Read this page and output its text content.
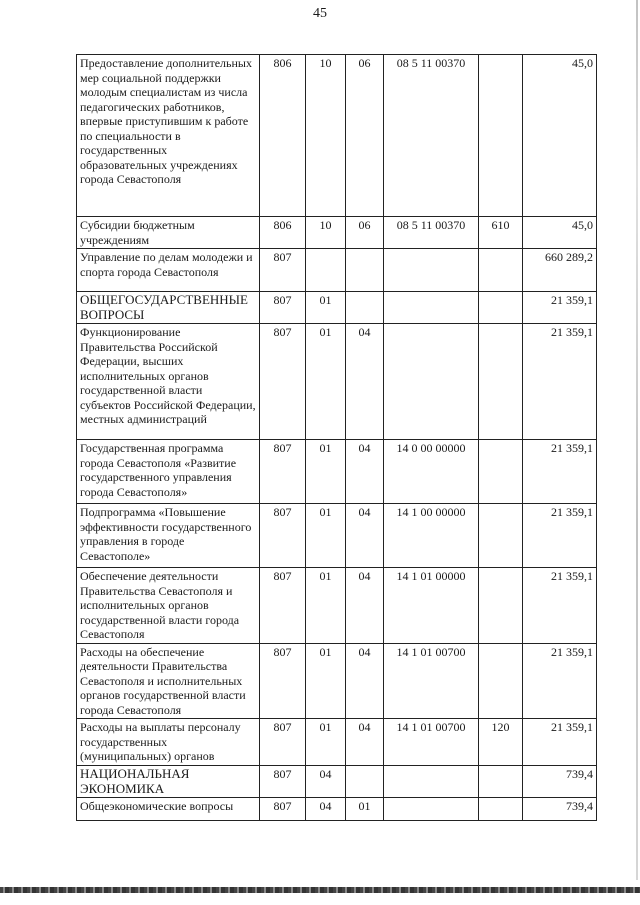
45
Предоставление дополнительных мер социальной поддержки молодым специалистам из числа педагогических работников, впервые приступившим к работе по специальности в государственных образовательных учреждениях города Севастополя	806	10	06	08 5 11 00370		45,0
Субсидии бюджетным учреждениям	806	10	06	08 5 11 00370	610	45,0
Управление по делам молодежи и спорта города Севастополя	807					660 289,2
ОБЩЕГОСУДАРСТВЕННЫЕ ВОПРОСЫ	807	01				21 359,1
Функционирование Правительства Российской Федерации, высших исполнительных органов государственной власти субъектов Российской Федерации, местных администраций	807	01	04			21 359,1
Государственная программа города Севастополя «Развитие государственного управления города Севастополя»	807	01	04	14 0 00 00000		21 359,1
Подпрограмма «Повышение эффективности государственного управления в городе Севастополе»	807	01	04	14 1 00 00000		21 359,1
Обеспечение деятельности Правительства Севастополя и исполнительных органов государственной власти города Севастополя	807	01	04	14 1 01 00000		21 359,1
Расходы на обеспечение деятельности Правительства Севастополя и исполнительных органов государственной власти города Севастополя	807	01	04	14 1 01 00700		21 359,1
Расходы на выплаты персоналу государственных (муниципальных) органов	807	01	04	14 1 01 00700	120	21 359,1
НАЦИОНАЛЬНАЯ ЭКОНОМИКА	807	04				739,4
Общеэкономические вопросы	807	04	01			739,4
